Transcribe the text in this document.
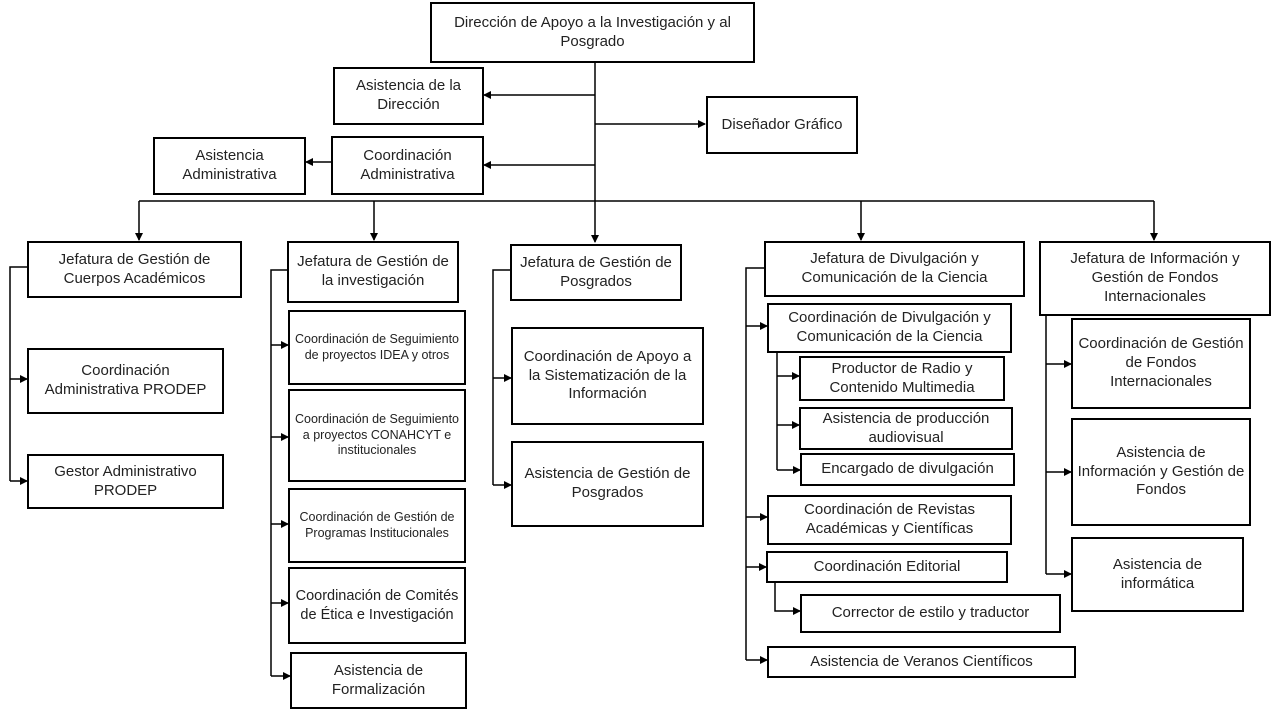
Dirección de Apoyo a la Investigación y al Posgrado
Asistencia de la Dirección
Diseñador Gráfico
Coordinación Administrativa
Asistencia Administrativa
Jefatura de Gestión de Cuerpos Académicos
Coordinación Administrativa PRODEP
Gestor Administrativo PRODEP
Jefatura de Gestión de la investigación
Coordinación de Seguimiento de proyectos IDEA y otros
Coordinación de Seguimiento a proyectos CONAHCYT e institucionales
Coordinación de Gestión de Programas Institucionales
Coordinación de Comités de Ética e Investigación
Asistencia de Formalización
Jefatura de Gestión de Posgrados
Coordinación de Apoyo a la Sistematización de la Información
Asistencia de Gestión de Posgrados
Jefatura de Divulgación y Comunicación de la Ciencia
Coordinación de Divulgación y Comunicación de la Ciencia
Productor de Radio y Contenido Multimedia
Asistencia de producción audiovisual
Encargado de divulgación
Coordinación de Revistas Académicas y Científicas
Coordinación Editorial
Corrector de estilo y traductor
Asistencia de Veranos Científicos
Jefatura de Información y Gestión de Fondos Internacionales
Coordinación de Gestión de Fondos Internacionales
Asistencia de Información y Gestión de Fondos
Asistencia de informática
